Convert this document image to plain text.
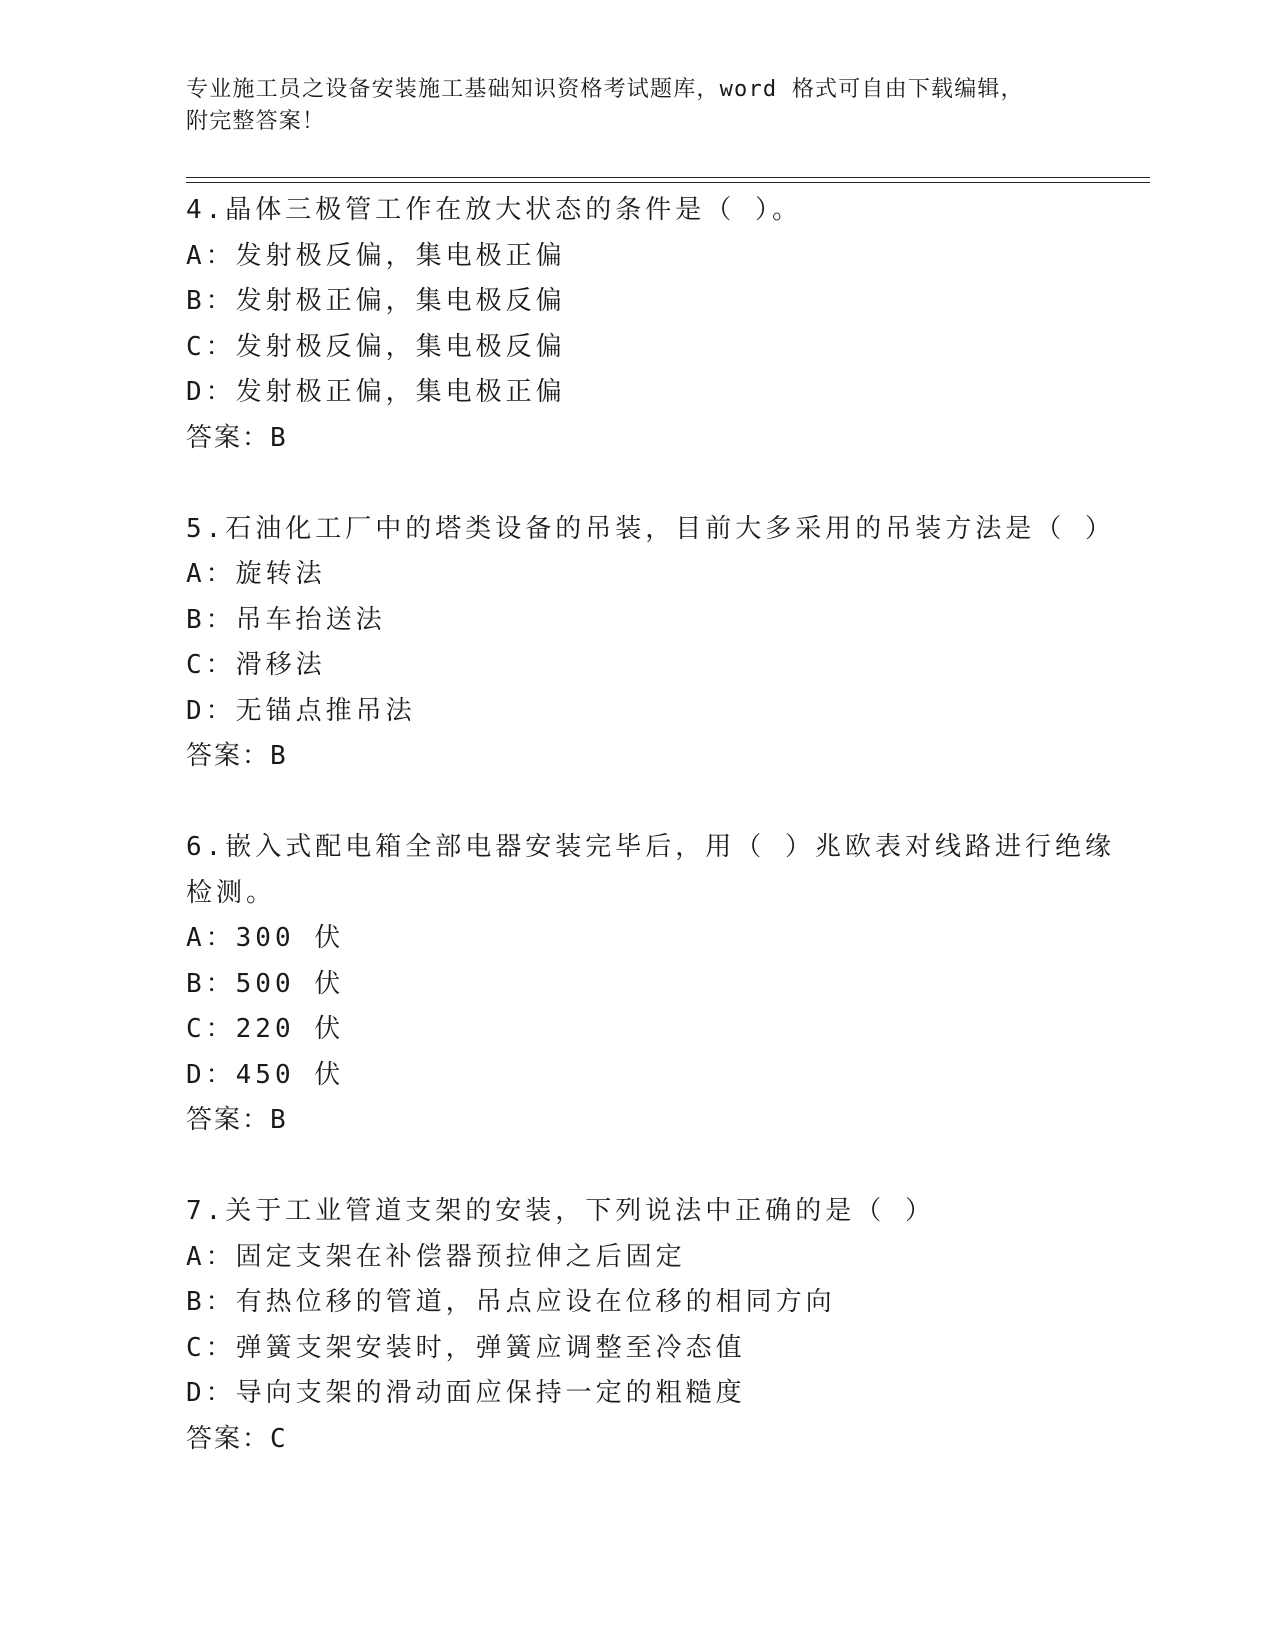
专业施工员之设备安装施工基础知识资格考试题库，word 格式可自由下载编辑，
附完整答案！
4.晶体三极管工作在放大状态的条件是（ ）。
A：发射极反偏，集电极正偏
B：发射极正偏，集电极反偏
C：发射极反偏，集电极反偏
D：发射极正偏，集电极正偏
答案：B
5.石油化工厂中的塔类设备的吊装，目前大多采用的吊装方法是（ ）
A：旋转法
B：吊车抬送法
C：滑移法
D：无锚点推吊法
答案：B
6.嵌入式配电箱全部电器安装完毕后，用（ ）兆欧表对线路进行绝缘
检测。
A：300 伏
B：500 伏
C：220 伏
D：450 伏
答案：B
7.关于工业管道支架的安装，下列说法中正确的是（ ）
A：固定支架在补偿器预拉伸之后固定
B：有热位移的管道，吊点应设在位移的相同方向
C：弹簧支架安装时，弹簧应调整至冷态值
D：导向支架的滑动面应保持一定的粗糙度
答案：C
